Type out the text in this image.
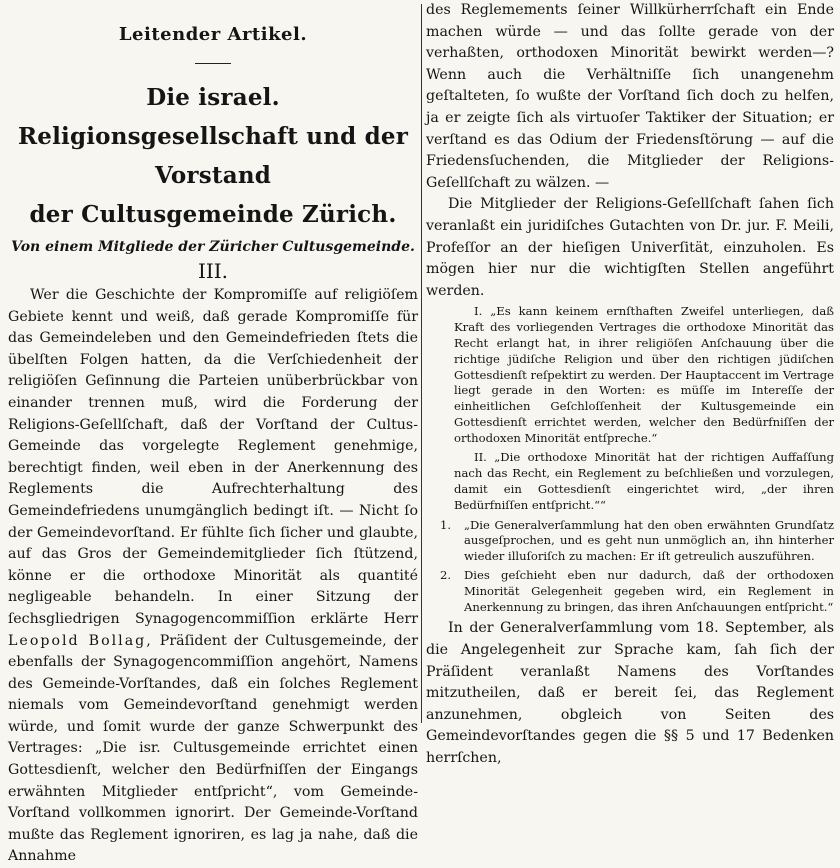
Leitender Artikel.
Die israel. Religionsgesellschaft und der Vorstand
der Cultusgemeinde Zürich.
Von einem Mitgliede der Züricher Cultusgemeinde.
III.

Wer die Geschichte der Kompromiſſe auf religiöſem Gebiete kennt und weiß, daß gerade Kompromiſſe für das Gemeindeleben und den Gemeindefrieden ſtets die übelſten Folgen hatten, da die Verſchiedenheit der religiöſen Geſinnung die Parteien unüberbrückbar von einander trennen muß, wird die Forderung der Religions-Geſellſchaft, daß der Vorſtand der Cultus-Gemeinde das vorgelegte Reglement genehmige, berechtigt finden, weil eben in der Anerkennung des Reglements die Aufrechterhaltung des Gemeindefriedens unumgänglich bedingt iſt. — Nicht ſo der Gemeindevorſtand. Er fühlte ſich ſicher und glaubte, auf das Gros der Gemeindemitglieder ſich ſtützend, könne er die orthodoxe Minorität als quantité negligeable behandeln. In einer Sitzung der ſechsgliedrigen Synagogencommiſſion erklärte Herr Leopold Bollag, Präſident der Cultusgemeinde, der ebenfalls der Synagogencommiſſion angehört, Namens des Gemeinde-Vorſtandes, daß ein ſolches Reglement niemals vom Gemeindevorſtand genehmigt werden würde, und ſomit wurde der ganze Schwerpunkt des Vertrages: „Die isr. Cultusgemeinde errichtet einen Gottesdienſt, welcher den Bedürfniſſen der Eingangs erwähnten Mitglieder entſpricht“, vom Gemeinde-Vorſtand vollkommen ignorirt. Der Gemeinde-Vorſtand mußte das Reglement ignoriren, es lag ja nahe, daß die Annahme

des Reglemements ſeiner Willkürherrſchaft ein Ende machen würde — und das ſollte gerade von der verhaßten, orthodoxen Minorität bewirkt werden—? Wenn auch die Verhältniſſe ſich unangenehm geſtalteten, ſo wußte der Vorſtand ſich doch zu helfen, ja er zeigte ſich als virtuoſer Taktiker der Situation; er verſtand es das Odium der Friedensſtörung — auf die Friedensſuchenden, die Mitglieder der Religions-Geſellſchaft zu wälzen. —

Die Mitglieder der Religions-Geſellſchaft ſahen ſich veranlaßt ein juridiſches Gutachten von Dr. jur. F. Meili, Profeſſor an der hieſigen Univerſität, einzuholen. Es mögen hier nur die wichtigſten Stellen angeführt werden.

I. „Es kann keinem ernſthaften Zweifel unterliegen, daß Kraft des vorliegenden Vertrages die orthodoxe Minorität das Recht erlangt hat, in ihrer religiöſen Anſchauung über die richtige jüdiſche Religion und über den richtigen jüdiſchen Gottesdienſt reſpektirt zu werden. Der Hauptaccent im Vertrage liegt gerade in den Worten: es müſſe im Intereſſe der einheitlichen Geſchloſſenheit der Kultusgemeinde ein Gottesdienſt errichtet werden, welcher den Bedürfniſſen der orthodoxen Minorität entſpreche.“

II. „Die orthodoxe Minorität hat der richtigen Auffaſſung nach das Recht, ein Reglement zu beſchließen und vorzulegen, damit ein Gottesdienſt eingerichtet wird, „der ihren Bedürfniſſen entſpricht.““

1. „Die Generalverſammlung hat den oben erwähnten Grundſatz ausgeſprochen, und es geht nun unmöglich an, ihn hinterher wieder illuſoriſch zu machen: Er iſt getreulich auszuführen.
2. Dies geſchieht eben nur dadurch, daß der orthodoxen Minorität Gelegenheit gegeben wird, ein Reglement in Anerkennung zu bringen, das ihren Anſchauungen entſpricht.“

In der Generalverſammlung vom 18. September, als die Angelegenheit zur Sprache kam, ſah ſich der Präſident veranlaßt Namens des Vorſtandes mitzutheilen, daß er bereit ſei, das Reglement anzunehmen, obgleich von Seiten des Gemeindevorſtandes gegen die §§ 5 und 17 Bedenken herrſchen,
